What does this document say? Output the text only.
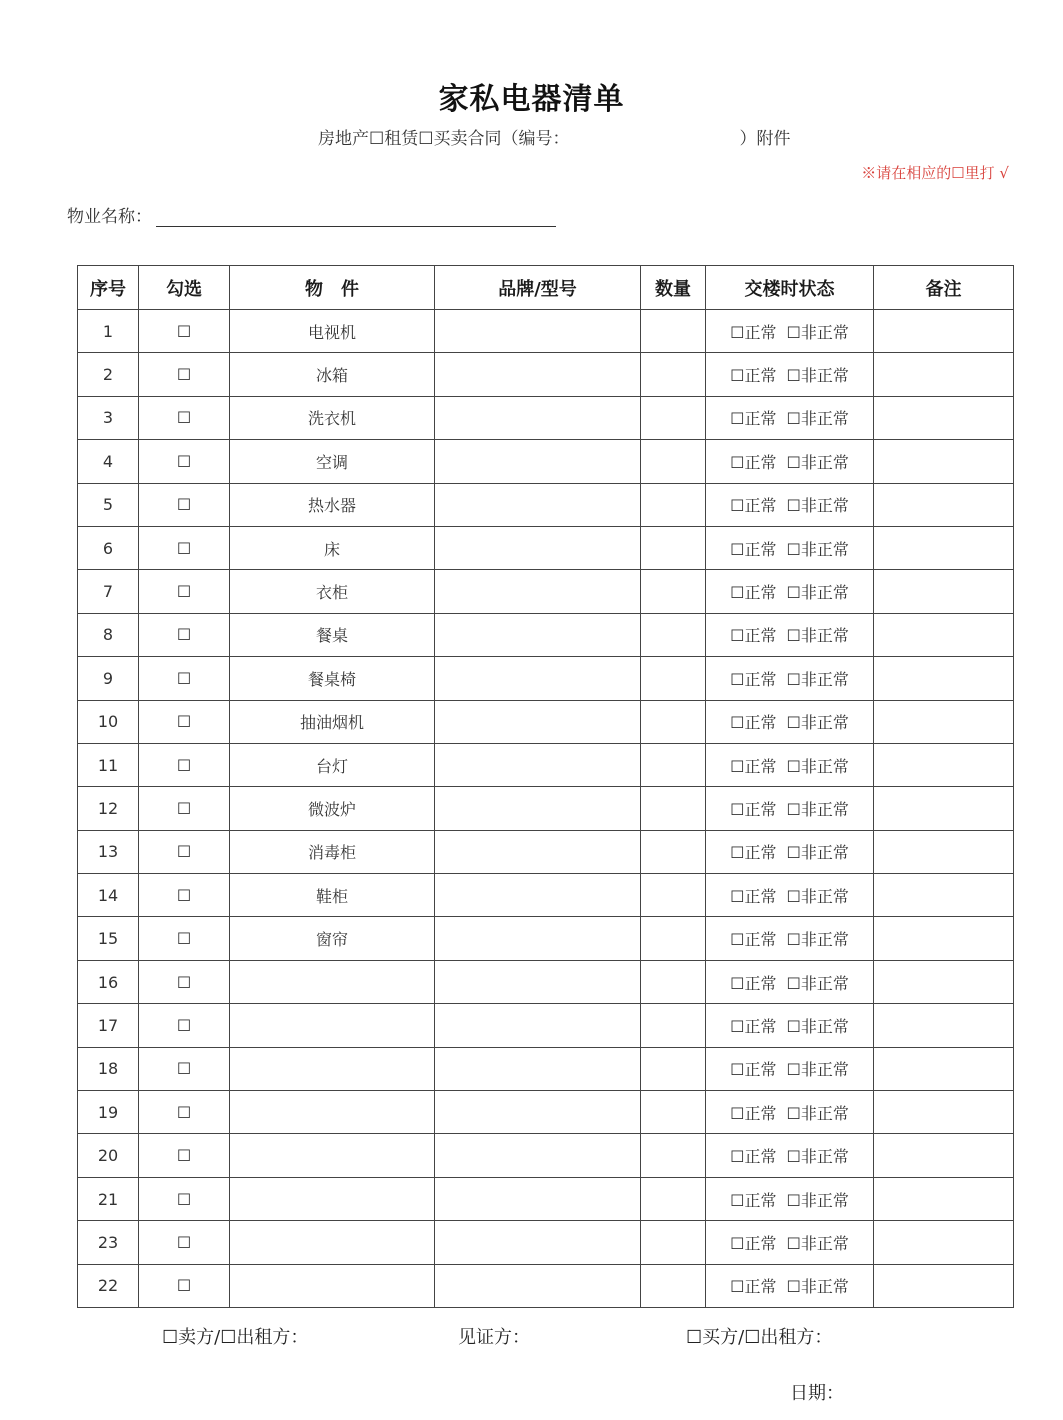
家私电器清单
房地产☐租赁☐买卖合同（编号：	）附件
※请在相应的☐里打 √
物业名称：
序号	勾选	物　件	品牌/型号	数量	交楼时状态	备注
1	☐	电视机			☐正常 ☐非正常	
2	☐	冰箱			☐正常 ☐非正常	
3	☐	洗衣机			☐正常 ☐非正常	
4	☐	空调			☐正常 ☐非正常	
5	☐	热水器			☐正常 ☐非正常	
6	☐	床			☐正常 ☐非正常	
7	☐	衣柜			☐正常 ☐非正常	
8	☐	餐桌			☐正常 ☐非正常	
9	☐	餐桌椅			☐正常 ☐非正常	
10	☐	抽油烟机			☐正常 ☐非正常	
11	☐	台灯			☐正常 ☐非正常	
12	☐	微波炉			☐正常 ☐非正常	
13	☐	消毒柜			☐正常 ☐非正常	
14	☐	鞋柜			☐正常 ☐非正常	
15	☐	窗帘			☐正常 ☐非正常	
16	☐				☐正常 ☐非正常	
17	☐				☐正常 ☐非正常	
18	☐				☐正常 ☐非正常	
19	☐				☐正常 ☐非正常	
20	☐				☐正常 ☐非正常	
21	☐				☐正常 ☐非正常	
23	☐				☐正常 ☐非正常	
22	☐				☐正常 ☐非正常	
☐卖方/☐出租方：	见证方：	☐买方/☐出租方：
日期：
